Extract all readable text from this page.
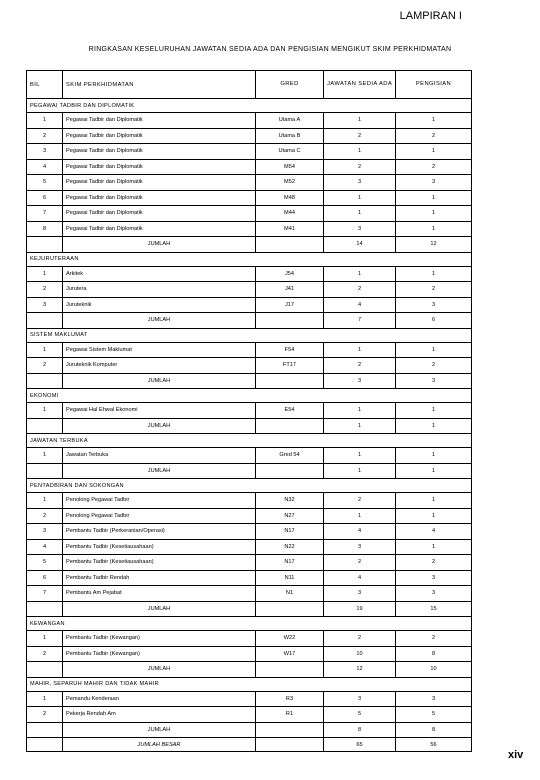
LAMPIRAN I
RINGKASAN KESELURUHAN JAWATAN SEDIA ADA DAN PENGISIAN MENGIKUT SKIM PERKHIDMATAN
BIL	SKIM PERKHIDMATAN	GRED	JAWATAN SEDIA ADA	PENGISIAN
PEGAWAI TADBIR DAN DIPLOMATIK				
1	Pegawai Tadbir dan Diplomatik	Utama A	1	1
2	Pegawai Tadbir dan Diplomatik	Utama B	2	2
3	Pegawai Tadbir dan Diplomatik	Utama C	1	1
4	Pegawai Tadbir dan Diplomatik	M54	2	2
5	Pegawai Tadbir dan Diplomatik	M52	3	3
6	Pegawai Tadbir dan Diplomatik	M48	1	1
7	Pegawai Tadbir dan Diplomatik	M44	1	1
8	Pegawai Tadbir dan Diplomatik	M41	3	1
	JUMLAH		14	12
KEJURUTERAAN				
1	Arkitek	J54	1	1
2	Jurutera	J41	2	2
3	Juruteknik	J17	4	3
	JUMLAH		7	6
SISTEM MAKLUMAT				
1	Pegawai Sistem Maklumat	F54	1	1
2	Juruteknik Komputer	FT17	2	2
	JUMLAH		3	3
EKONOMI				
1	Pegawai Hal Ehwal Ekonomi	E54	1	1
	JUMLAH		1	1
JAWATAN TERBUKA				
1	Jawatan Terbuka	Gred 54	1	1
	JUMLAH		1	1
PENTADBIRAN DAN SOKONGAN				
1	Penolong Pegawai Tadbir	N32	2	1
2	Penolong Pegawai Tadbir	N27	1	1
3	Pembantu Tadbir (Perkeranian/Operasi)	N17	4	4
4	Pembantu Tadbir (Kesetiausahaan)	N22	3	1
5	Pembantu Tadbir (Kesetiausahaan)	N17	2	2
6	Pembantu Tadbir Rendah	N11	4	3
7	Pembantu Am Pejabat	N1	3	3
	JUMLAH		19	15
KEWANGAN				
1	Pembantu Tadbir (Kewangan)	W22	2	2
2	Pembantu Tadbir (Kewangan)	W17	10	8
	JUMLAH		12	10
MAHIR, SEPARUH MAHIR DAN TIDAK MAHIR				
1	Pemandu Kenderaan	R3	3	3
2	Pekerja Rendah Am	R1	5	5
	JUMLAH		8	8
	JUMLAH BESAR		65	56
xiv
